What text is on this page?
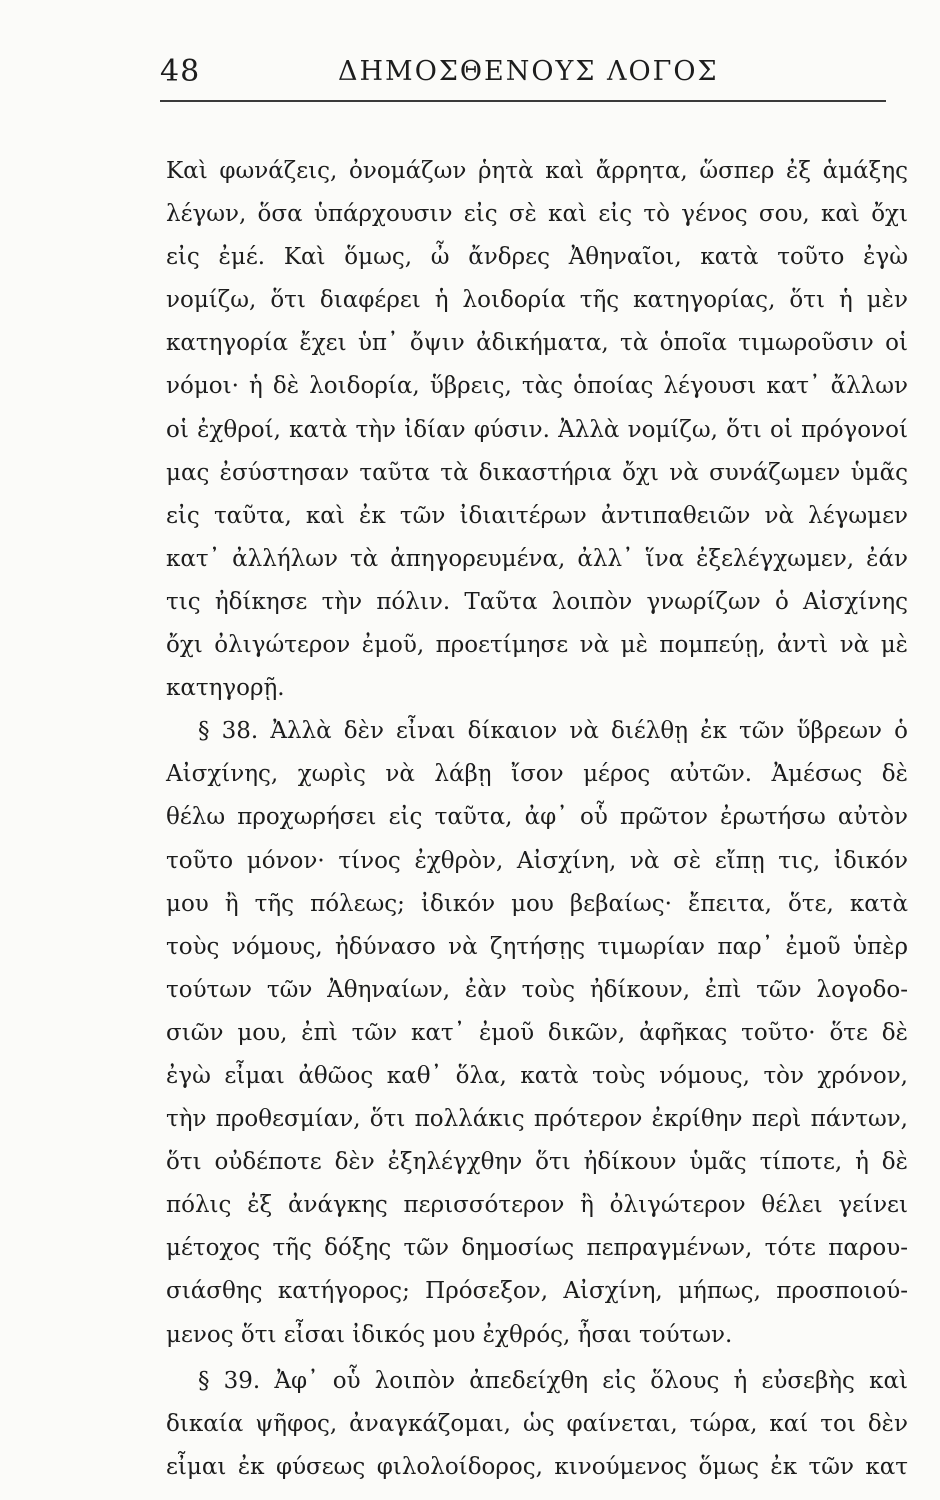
48	ΔΗΜΟΣΘΕΝΟΥΣ ΛΟΓΟΣ
Καὶ φωνάζεις, ὀνομάζων ῥητὰ καὶ ἄρρητα, ὥσπερ ἐξ ἁμάξης
λέγων, ὅσα ὑπάρχουσιν εἰς σὲ καὶ εἰς τὸ γένος σου, καὶ ὄχι
εἰς ἐμέ. Καὶ ὅμως, ὦ ἄνδρες Ἀθηναῖοι, κατὰ τοῦτο ἐγὼ
νομίζω, ὅτι διαφέρει ἡ λοιδορία τῆς κατηγορίας, ὅτι ἡ μὲν
κατηγορία ἔχει ὑπ᾽ ὄψιν ἀδικήματα, τὰ ὁποῖα τιμωροῦσιν οἱ
νόμοι· ἡ δὲ λοιδορία, ὕβρεις, τὰς ὁποίας λέγουσι κατ᾽ ἄλλων
οἱ ἐχθροί, κατὰ τὴν ἰδίαν φύσιν. Ἀλλὰ νομίζω, ὅτι οἱ πρόγονοί
μας ἐσύστησαν ταῦτα τὰ δικαστήρια ὄχι νὰ συνάζωμεν ὑμᾶς
εἰς ταῦτα, καὶ ἐκ τῶν ἰδιαιτέρων ἀντιπαθειῶν νὰ λέγωμεν
κατ᾽ ἀλλήλων τὰ ἀπηγορευμένα, ἀλλ᾽ ἵνα ἐξελέγχωμεν, ἐάν
τις ἠδίκησε τὴν πόλιν. Ταῦτα λοιπὸν γνωρίζων ὁ Αἰσχίνης
ὄχι ὀλιγώτερον ἐμοῦ, προετίμησε νὰ μὲ πομπεύῃ, ἀντὶ νὰ μὲ
κατηγορῇ.
§ 38. Ἀλλὰ δὲν εἶναι δίκαιον νὰ διέλθῃ ἐκ τῶν ὕβρεων ὁ
Αἰσχίνης, χωρὶς νὰ λάβῃ ἴσον μέρος αὐτῶν. Ἀμέσως δὲ
θέλω προχωρήσει εἰς ταῦτα, ἀφ᾽ οὗ πρῶτον ἐρωτήσω αὐτὸν
τοῦτο μόνον· τίνος ἐχθρὸν, Αἰσχίνη, νὰ σὲ εἴπῃ τις, ἰδικόν
μου ἢ τῆς πόλεως; ἰδικόν μου βεβαίως· ἔπειτα, ὅτε, κατὰ
τοὺς νόμους, ἠδύνασο νὰ ζητήσῃς τιμωρίαν παρ᾽ ἐμοῦ ὑπὲρ
τούτων τῶν Ἀθηναίων, ἐὰν τοὺς ἠδίκουν, ἐπὶ τῶν λογοδο-
σιῶν μου, ἐπὶ τῶν κατ᾽ ἐμοῦ δικῶν, ἀφῆκας τοῦτο· ὅτε δὲ
ἐγὼ εἶμαι ἀθῶος καθ᾽ ὅλα, κατὰ τοὺς νόμους, τὸν χρόνον,
τὴν προθεσμίαν, ὅτι πολλάκις πρότερον ἐκρίθην περὶ πάντων,
ὅτι οὐδέποτε δὲν ἐξηλέγχθην ὅτι ἠδίκουν ὑμᾶς τίποτε, ἡ δὲ
πόλις ἐξ ἀνάγκης περισσότερον ἢ ὀλιγώτερον θέλει γείνει
μέτοχος τῆς δόξης τῶν δημοσίως πεπραγμένων, τότε παρου-
σιάσθης κατήγορος; Πρόσεξον, Αἰσχίνη, μήπως, προσποιού-
μενος ὅτι εἶσαι ἰδικός μου ἐχθρός, ἦσαι τούτων.
§ 39. Ἀφ᾽ οὗ λοιπὸν ἀπεδείχθη εἰς ὅλους ἡ εὐσεβὴς καὶ
δικαία ψῆφος, ἀναγκάζομαι, ὡς φαίνεται, τώρα, καί τοι δὲν
εἶμαι ἐκ φύσεως φιλολοίδορος, κινούμενος ὅμως ἐκ τῶν κατ
